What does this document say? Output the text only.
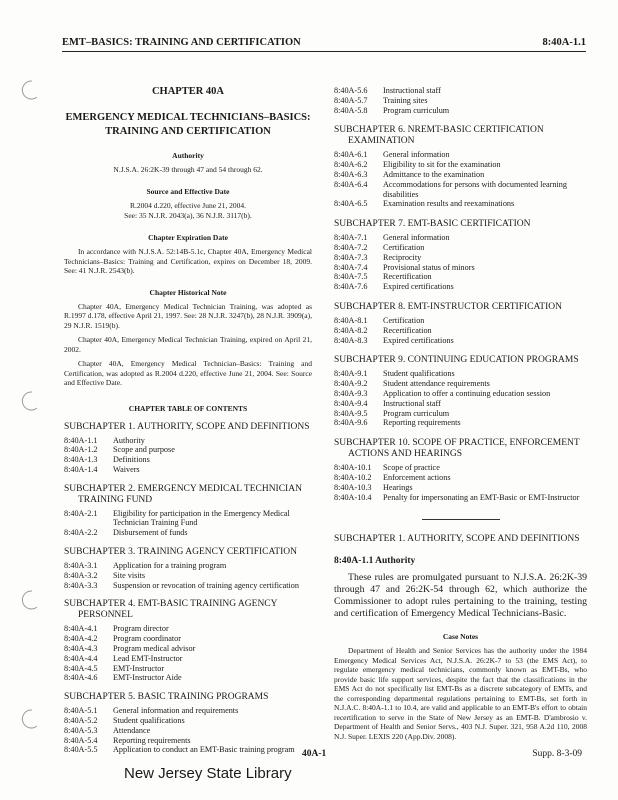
EMT–BASICS: TRAINING AND CERTIFICATION	8:40A-1.1
CHAPTER 40A
EMERGENCY MEDICAL TECHNICIANS–BASICS:
TRAINING AND CERTIFICATION
Authority
N.J.S.A. 26:2K-39 through 47 and 54 through 62.
Source and Effective Date
R.2004 d.220, effective June 21, 2004.
See: 35 N.J.R. 2043(a), 36 N.J.R. 3117(b).
Chapter Expiration Date

In accordance with N.J.S.A. 52:14B-5.1c, Chapter 40A, Emergency Medical Technicians–Basics: Training and Certification, expires on December 18, 2009. See: 41 N.J.R. 2543(b).

Chapter Historical Note

Chapter 40A, Emergency Medical Technician Training, was adopted as R.1997 d.178, effective April 21, 1997. See: 28 N.J.R. 3247(b), 28 N.J.R. 3909(a), 29 N.J.R. 1519(b).

Chapter 40A, Emergency Medical Technician Training, expired on April 21, 2002.

Chapter 40A, Emergency Medical Technician–Basics: Training and Certification, was adopted as R.2004 d.220, effective June 21, 2004. See: Source and Effective Date.

CHAPTER TABLE OF CONTENTS
SUBCHAPTER 1. AUTHORITY, SCOPE AND DEFINITIONS
8:40A-1.1	Authority
8:40A-1.2	Scope and purpose
8:40A-1.3	Definitions
8:40A-1.4	Waivers
SUBCHAPTER 2. EMERGENCY MEDICAL TECHNICIAN TRAINING FUND
8:40A-2.1	Eligibility for participation in the Emergency Medical Technician Training Fund
8:40A-2.2	Disbursement of funds
SUBCHAPTER 3. TRAINING AGENCY CERTIFICATION
8:40A-3.1	Application for a training program
8:40A-3.2	Site visits
8:40A-3.3	Suspension or revocation of training agency certification
SUBCHAPTER 4. EMT-BASIC TRAINING AGENCY PERSONNEL
8:40A-4.1	Program director
8:40A-4.2	Program coordinator
8:40A-4.3	Program medical advisor
8:40A-4.4	Lead EMT-Instructor
8:40A-4.5	EMT-Instructor
8:40A-4.6	EMT-Instructor Aide
SUBCHAPTER 5. BASIC TRAINING PROGRAMS
8:40A-5.1	General information and requirements
8:40A-5.2	Student qualifications
8:40A-5.3	Attendance
8:40A-5.4	Reporting requirements
8:40A-5.5	Application to conduct an EMT-Basic training program
8:40A-5.6	Instructional staff
8:40A-5.7	Training sites
8:40A-5.8	Program curriculum
SUBCHAPTER 6. NREMT-BASIC CERTIFICATION EXAMINATION
8:40A-6.1	General information
8:40A-6.2	Eligibility to sit for the examination
8:40A-6.3	Admittance to the examination
8:40A-6.4	Accommodations for persons with documented learning disabilities
8:40A-6.5	Examination results and reexaminations
SUBCHAPTER 7. EMT-BASIC CERTIFICATION
8:40A-7.1	General information
8:40A-7.2	Certification
8:40A-7.3	Reciprocity
8:40A-7.4	Provisional status of minors
8:40A-7.5	Recertification
8:40A-7.6	Expired certifications
SUBCHAPTER 8. EMT-INSTRUCTOR CERTIFICATION
8:40A-8.1	Certification
8:40A-8.2	Recertification
8:40A-8.3	Expired certifications
SUBCHAPTER 9. CONTINUING EDUCATION PROGRAMS
8:40A-9.1	Student qualifications
8:40A-9.2	Student attendance requirements
8:40A-9.3	Application to offer a continuing education session
8:40A-9.4	Instructional staff
8:40A-9.5	Program curriculum
8:40A-9.6	Reporting requirements
SUBCHAPTER 10. SCOPE OF PRACTICE, ENFORCEMENT ACTIONS AND HEARINGS
8:40A-10.1	Scope of practice
8:40A-10.2	Enforcement actions
8:40A-10.3	Hearings
8:40A-10.4	Penalty for impersonating an EMT-Basic or EMT-Instructor
SUBCHAPTER 1. AUTHORITY, SCOPE AND DEFINITIONS
8:40A-1.1 Authority

These rules are promulgated pursuant to N.J.S.A. 26:2K-39 through 47 and 26:2K-54 through 62, which authorize the Commissioner to adopt rules pertaining to the training, testing and certification of Emergency Medical Technicians-Basic.

Case Notes

Department of Health and Senior Services has the authority under the 1984 Emergency Medical Services Act, N.J.S.A. 26:2K-7 to 53 (the EMS Act), to regulate emergency medical technicians, commonly known as EMT-Bs, who provide basic life support services, despite the fact that the classifications in the EMS Act do not specifically list EMT-Bs as a discrete subcategory of EMTs, and the corresponding departmental regulations pertaining to EMT-Bs, set forth in N.J.A.C. 8:40A-1.1 to 10.4, are valid and applicable to an EMT-B's effort to obtain recertification to serve in the State of New Jersey as an EMT-B. D'ambrosio v. Department of Health and Senior Servs., 403 N.J. Super. 321, 958 A.2d 110, 2008 N.J. Super. LEXIS 220 (App.Div. 2008).

40A-1	Supp. 8-3-09
New Jersey State Library
